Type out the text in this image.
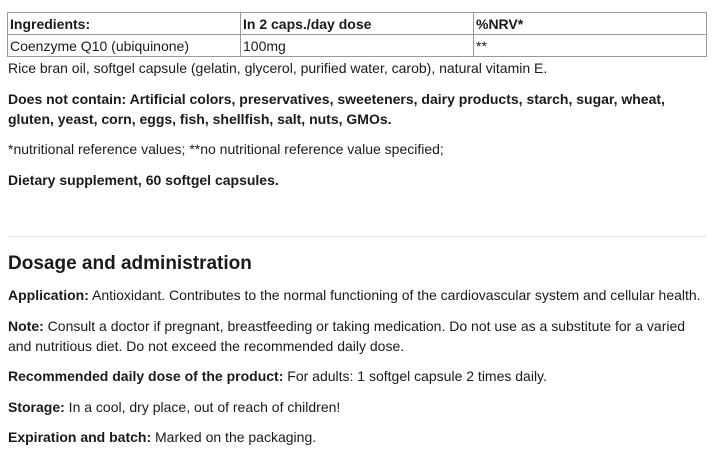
Ingredients:	In 2 caps./day dose	%NRV*
Coenzyme Q10 (ubiquinone)	100mg	**

Rice bran oil, softgel capsule (gelatin, glycerol, purified water, carob), natural vitamin E.

Does not contain: Artificial colors, preservatives, sweeteners, dairy products, starch, sugar, wheat, gluten, yeast, corn, eggs, fish, shellfish, salt, nuts, GMOs.

*nutritional reference values; **no nutritional reference value specified;

Dietary supplement, 60 softgel capsules.

Dosage and administration

Application: Antioxidant. Contributes to the normal functioning of the cardiovascular system and cellular health.

Note: Consult a doctor if pregnant, breastfeeding or taking medication. Do not use as a substitute for a varied and nutritious diet. Do not exceed the recommended daily dose.

Recommended daily dose of the product: For adults: 1 softgel capsule 2 times daily.

Storage: In a cool, dry place, out of reach of children!

Expiration and batch: Marked on the packaging.
